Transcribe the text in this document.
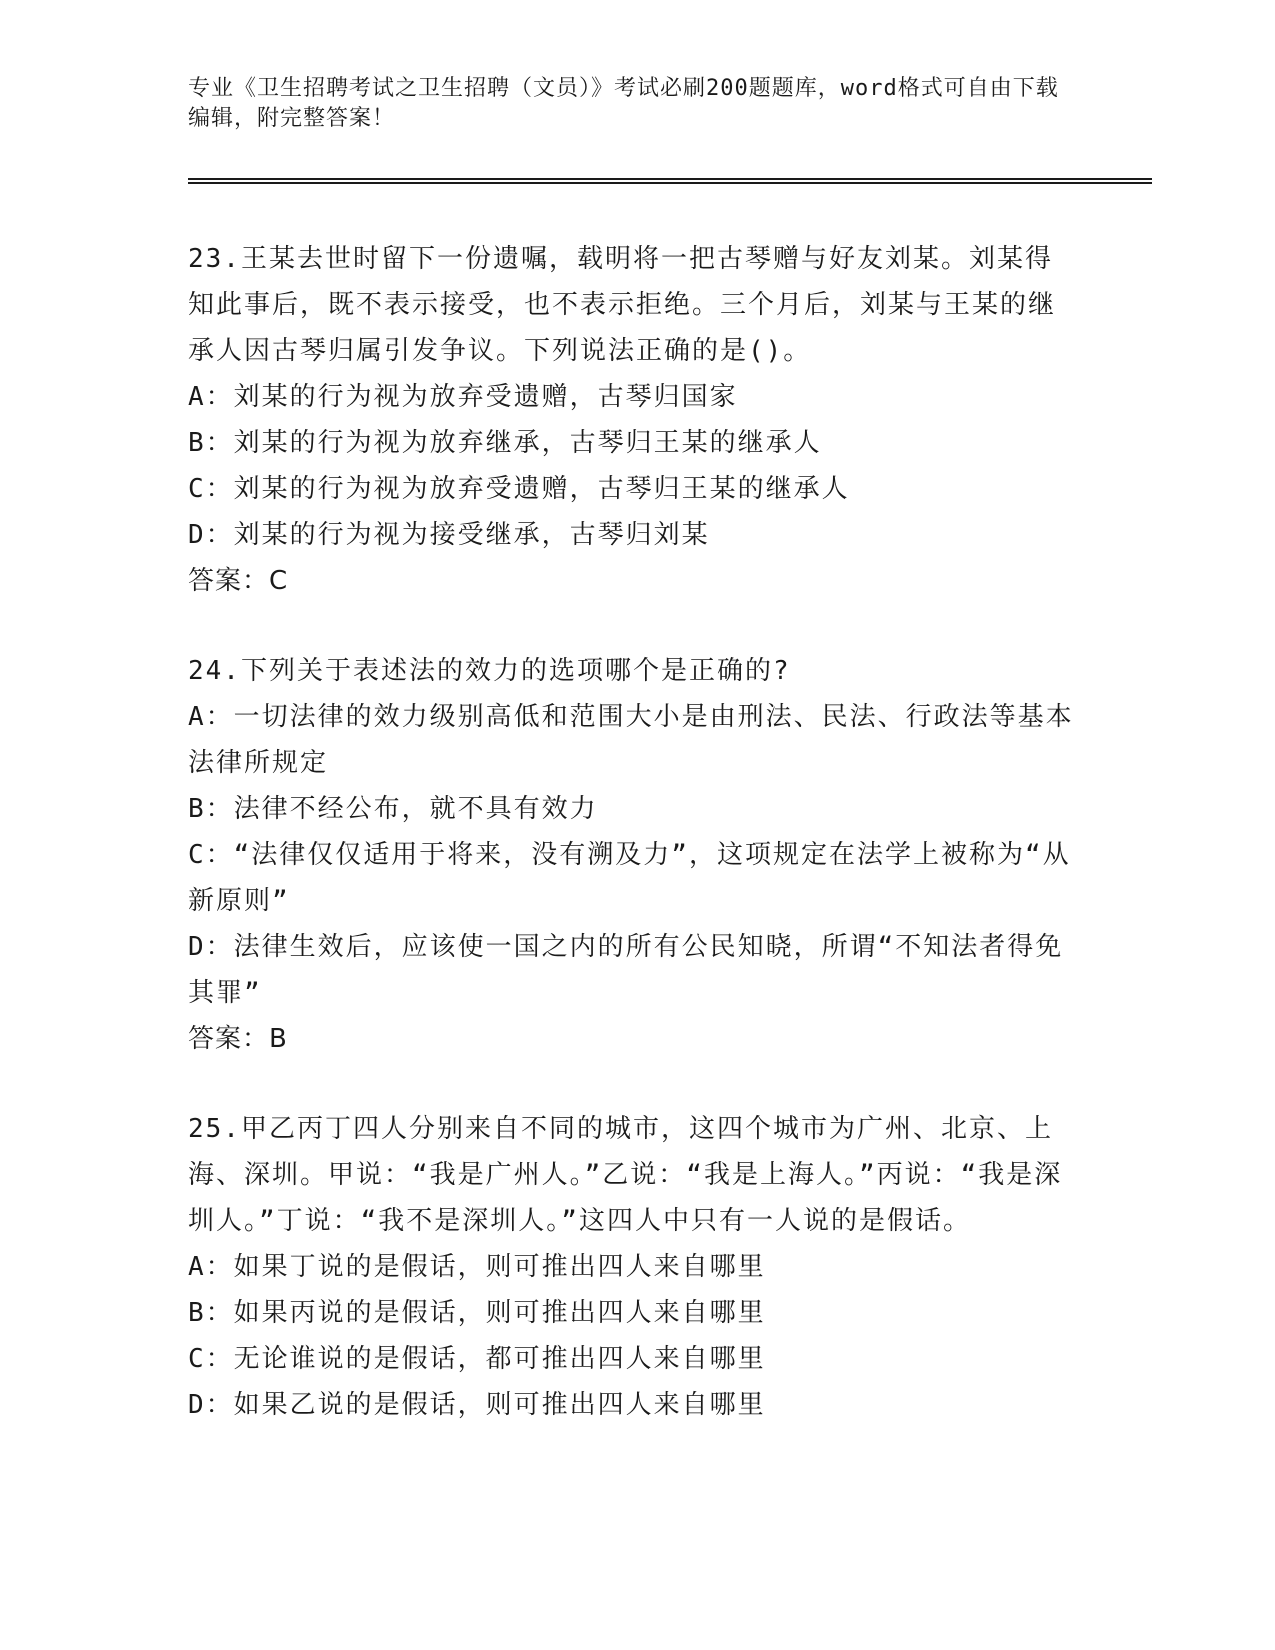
专业《卫生招聘考试之卫生招聘（文员）》考试必刷200题题库，word格式可自由下载编辑，附完整答案！

23.王某去世时留下一份遗嘱，载明将一把古琴赠与好友刘某。刘某得知此事后，既不表示接受，也不表示拒绝。三个月后，刘某与王某的继承人因古琴归属引发争议。下列说法正确的是()。

A：刘某的行为视为放弃受遗赠，古琴归国家

B：刘某的行为视为放弃继承，古琴归王某的继承人

C：刘某的行为视为放弃受遗赠，古琴归王某的继承人

D：刘某的行为视为接受继承，古琴归刘某

答案：C

24.下列关于表述法的效力的选项哪个是正确的?

A：一切法律的效力级别高低和范围大小是由刑法、民法、行政法等基本法律所规定

B：法律不经公布，就不具有效力

C：“法律仅仅适用于将来，没有溯及力”，这项规定在法学上被称为“从新原则”

D：法律生效后，应该使一国之内的所有公民知晓，所谓“不知法者得免其罪”

答案：B

25.甲乙丙丁四人分别来自不同的城市，这四个城市为广州、北京、上海、深圳。甲说：“我是广州人。”乙说：“我是上海人。”丙说：“我是深圳人。”丁说：“我不是深圳人。”这四人中只有一人说的是假话。

A：如果丁说的是假话，则可推出四人来自哪里

B：如果丙说的是假话，则可推出四人来自哪里

C：无论谁说的是假话，都可推出四人来自哪里

D：如果乙说的是假话，则可推出四人来自哪里
